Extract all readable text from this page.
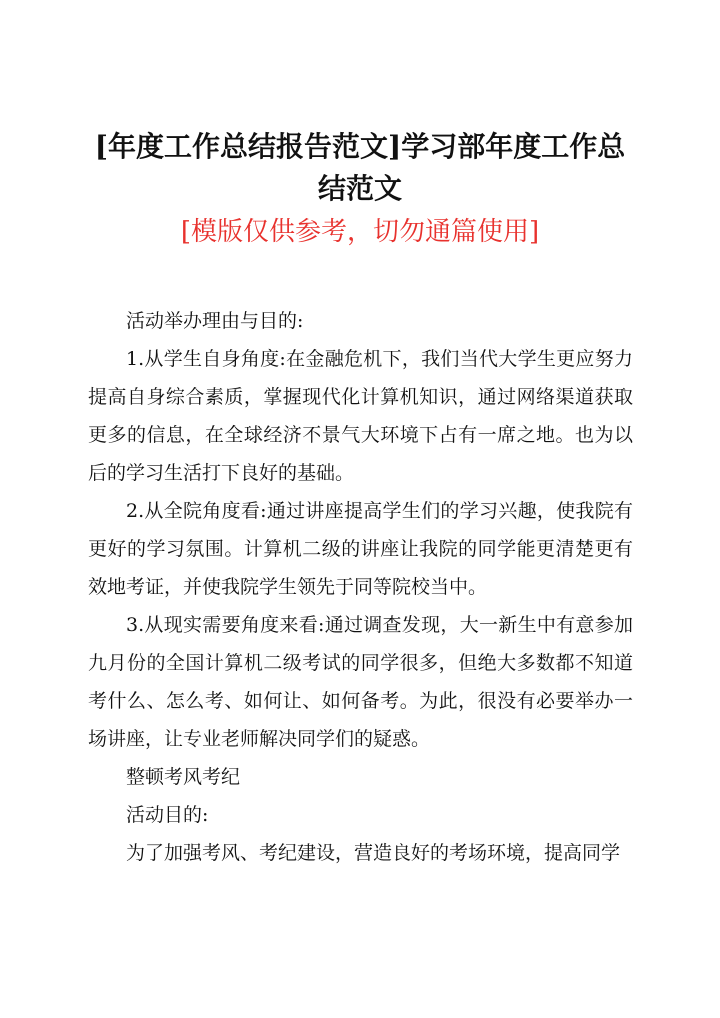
[年度工作总结报告范文]学习部年度工作总结范文
[模版仅供参考，切勿通篇使用]

活动举办理由与目的:

1.从学生自身角度:在金融危机下，我们当代大学生更应努力提高自身综合素质，掌握现代化计算机知识，通过网络渠道获取更多的信息，在全球经济不景气大环境下占有一席之地。也为以后的学习生活打下良好的基础。

2.从全院角度看:通过讲座提高学生们的学习兴趣，使我院有更好的学习氛围。计算机二级的讲座让我院的同学能更清楚更有效地考证，并使我院学生领先于同等院校当中。

3.从现实需要角度来看:通过调查发现，大一新生中有意参加九月份的全国计算机二级考试的同学很多，但绝大多数都不知道考什么、怎么考、如何让、如何备考。为此，很没有必要举办一场讲座，让专业老师解决同学们的疑惑。

整顿考风考纪

活动目的:

为了加强考风、考纪建设，营造良好的考场环境，提高同学
